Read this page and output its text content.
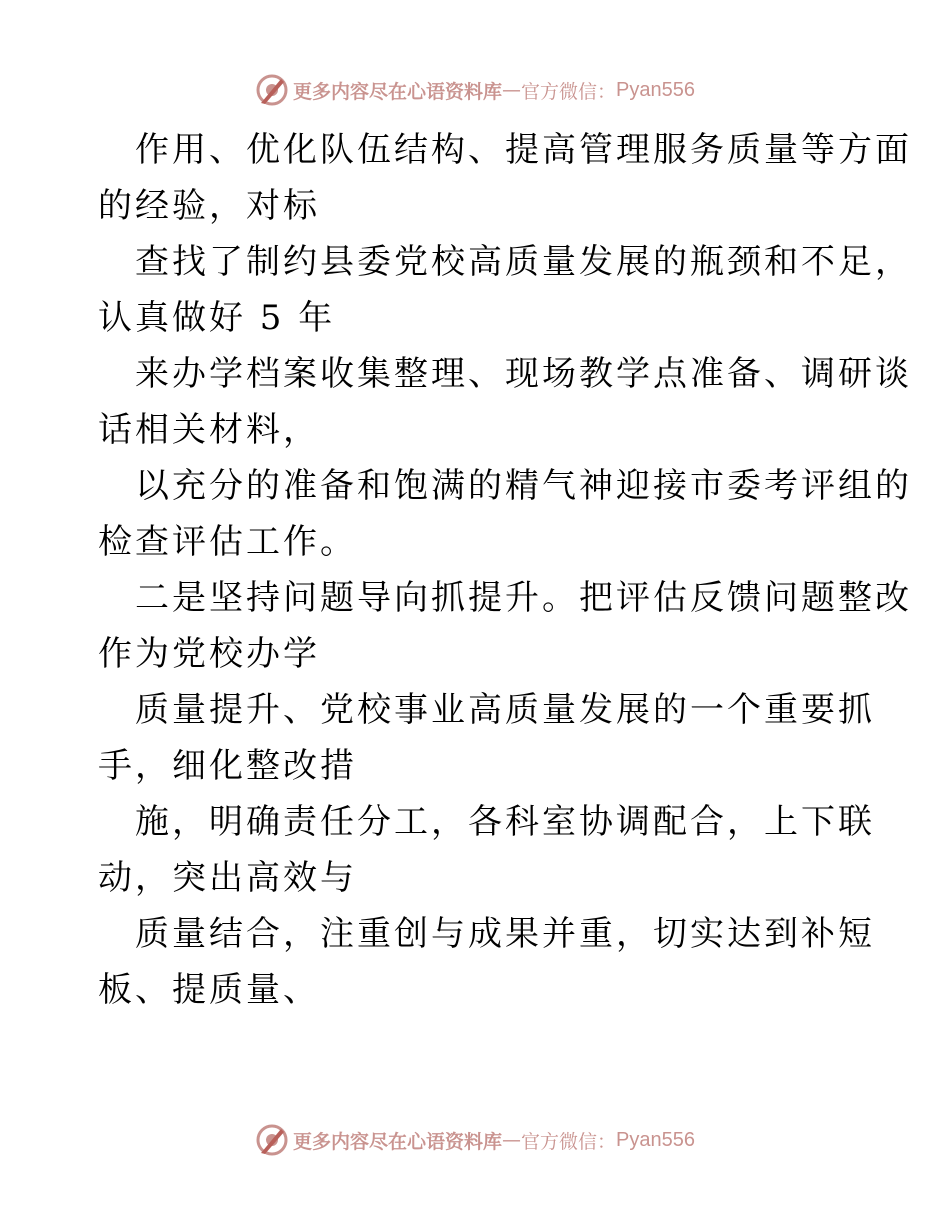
更多内容尽在心语资料库 — 官方微信： Pyan556
作用、优化队伍结构、提高管理服务质量等方面
的经验，对标
查找了制约县委党校高质量发展的瓶颈和不足，
认真做好 5 年
来办学档案收集整理、现场教学点准备、调研谈
话相关材料，
以充分的准备和饱满的精气神迎接市委考评组的
检查评估工作。
二是坚持问题导向抓提升。把评估反馈问题整改
作为党校办学
质量提升、党校事业高质量发展的一个重要抓
手，细化整改措
施，明确责任分工，各科室协调配合，上下联
动，突出高效与
质量结合，注重创与成果并重，切实达到补短
板、提质量、
更多内容尽在心语资料库 — 官方微信： Pyan556
